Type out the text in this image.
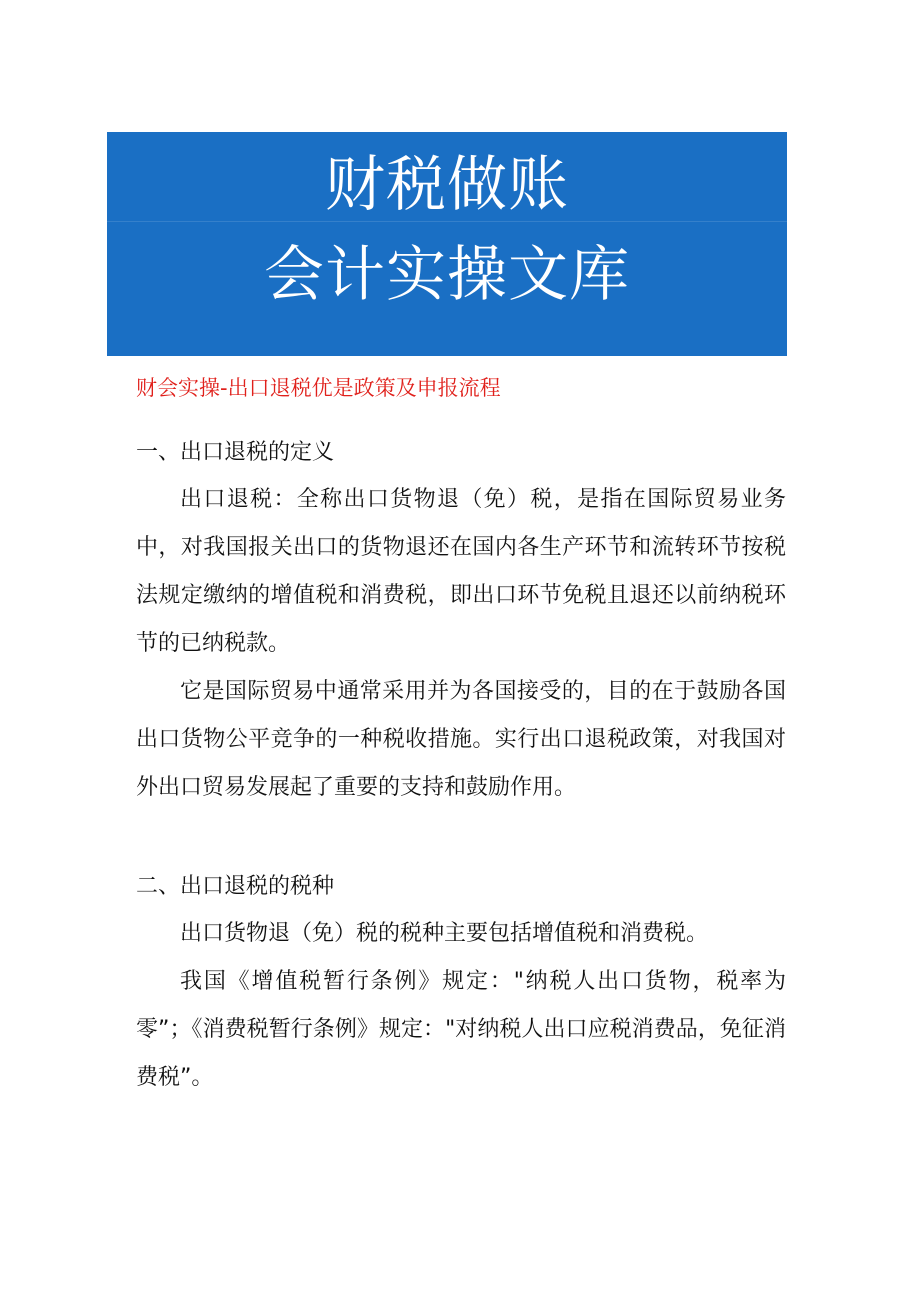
财税做账
会计实操文库
财会实操-出口退税优是政策及申报流程
一、出口退税的定义

出口退税：全称出口货物退（免）税，是指在国际贸易业务中，对我国报关出口的货物退还在国内各生产环节和流转环节按税法规定缴纳的增值税和消费税，即出口环节免税且退还以前纳税环节的已纳税款。

它是国际贸易中通常采用并为各国接受的，目的在于鼓励各国出口货物公平竞争的一种税收措施。实行出口退税政策，对我国对外出口贸易发展起了重要的支持和鼓励作用。

二、出口退税的税种

出口货物退（免）税的税种主要包括增值税和消费税。

我国《增值税暂行条例》规定："纳税人出口货物，税率为零”；《消费税暂行条例》规定："对纳税人出口应税消费品，免征消费税”。
